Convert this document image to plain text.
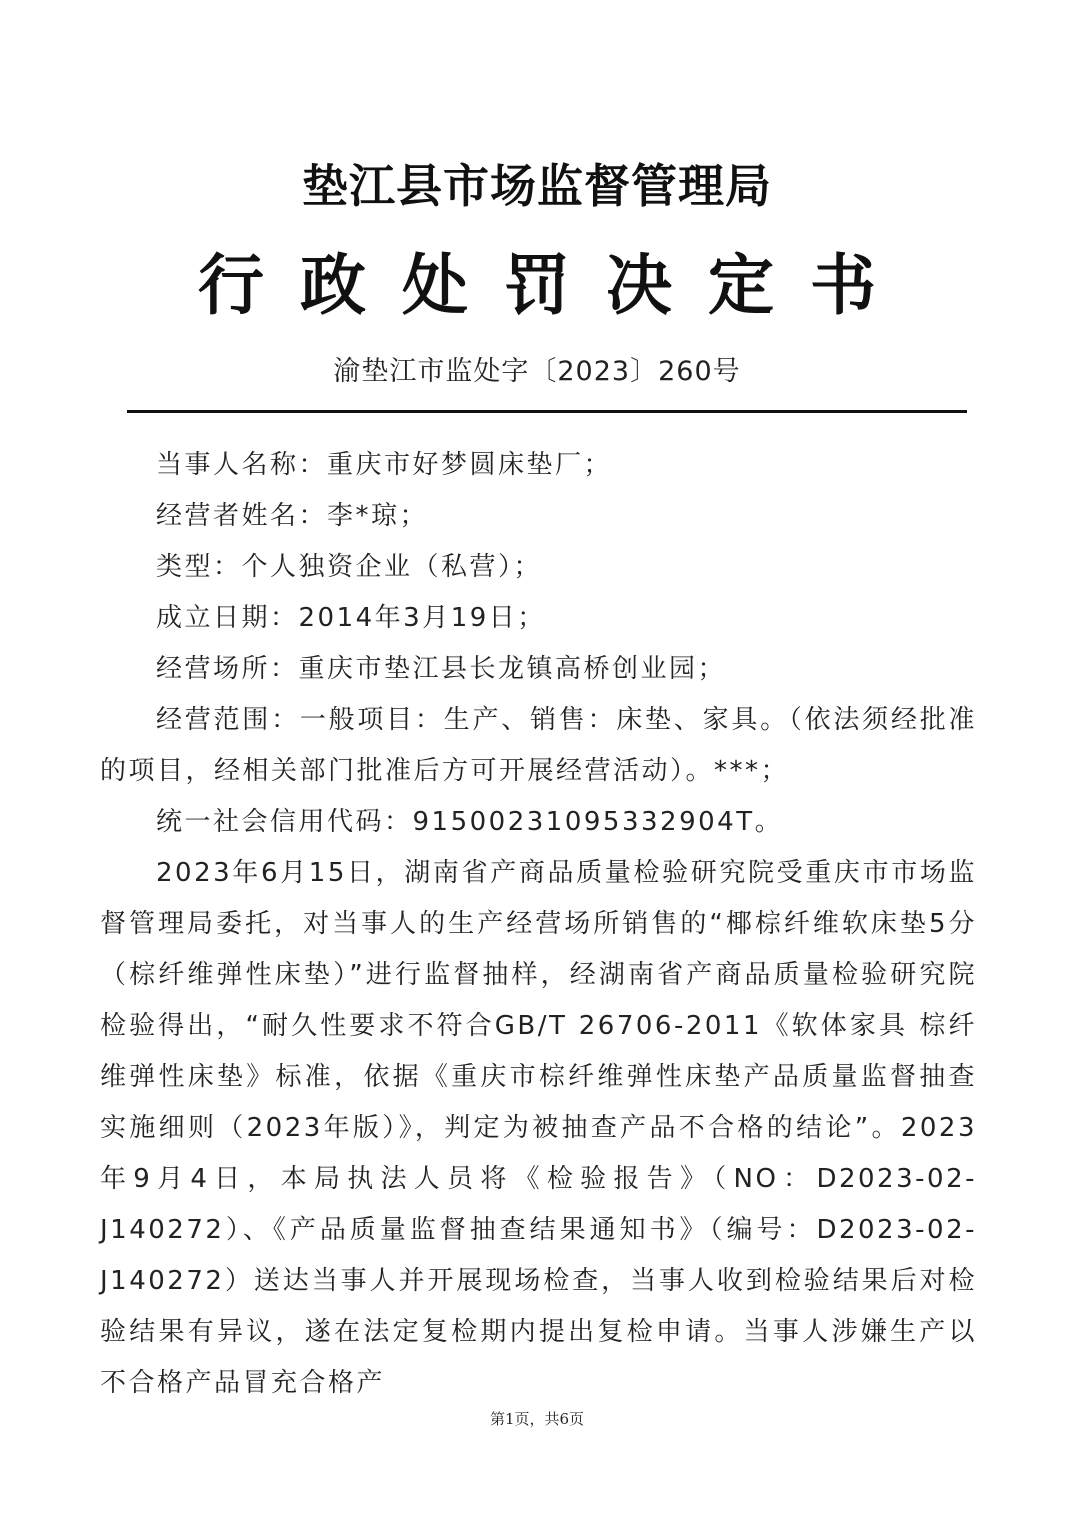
垫江县市场监督管理局
行政处罚决定书
渝垫江市监处字〔2023〕260号

当事人名称：重庆市好梦圆床垫厂；

经营者姓名：李*琼；

类型：个人独资企业（私营）；

成立日期：2014年3月19日；

经营场所：重庆市垫江县长龙镇高桥创业园；

经营范围：一般项目：生产、销售：床垫、家具。（依法须经批准的项目，经相关部门批准后方可开展经营活动）。***；

统一社会信用代码：91500231095332904T。

2023年6月15日，湖南省产商品质量检验研究院受重庆市市场监督管理局委托，对当事人的生产经营场所销售的“椰棕纤维软床垫5分（棕纤维弹性床垫）”进行监督抽样，经湖南省产商品质量检验研究院检验得出，“耐久性要求不符合GB/T 26706-2011《软体家具 棕纤维弹性床垫》标准，依据《重庆市棕纤维弹性床垫产品质量监督抽查实施细则（2023年版）》，判定为被抽查产品不合格的结论”。2023年9月4日，本局执法人员将《检验报告》（NO：D2023-02-J140272）、《产品质量监督抽查结果通知书》（编号：D2023-02-J140272）送达当事人并开展现场检查，当事人收到检验结果后对检验结果有异议，遂在法定复检期内提出复检申请。当事人涉嫌生产以不合格产品冒充合格产

第1页，共6页
